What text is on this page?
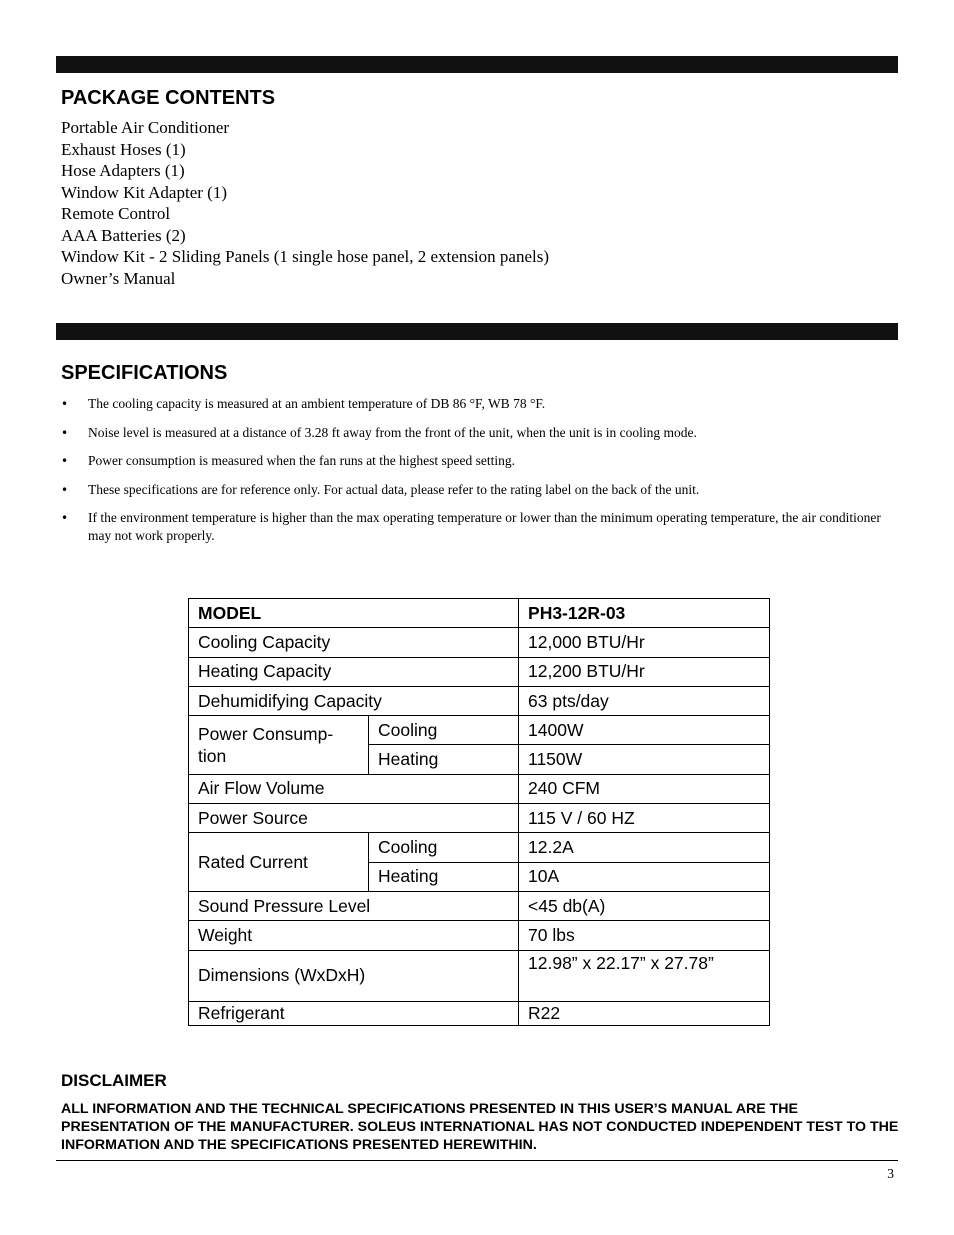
PACKAGE CONTENTS
Portable Air Conditioner
Exhaust Hoses (1)
Hose Adapters (1)
Window Kit Adapter (1)
Remote Control
AAA Batteries (2)
Window Kit - 2 Sliding Panels (1 single hose panel, 2 extension panels)
Owner’s Manual
SPECIFICATIONS
• The cooling capacity is measured at an ambient temperature of DB 86 °F, WB 78 °F.
• Noise level is measured at a distance of 3.28 ft away from the front of the unit, when the unit is in cooling mode.
• Power consumption is measured when the fan runs at the highest speed setting.
• These specifications are for reference only. For actual data, please refer to the rating label on the back of the unit.
• If the environment temperature is higher than the max operating temperature or lower than the minimum operating temperature, the air conditioner may not work properly.
MODEL		PH3-12R-03
Cooling Capacity		12,000 BTU/Hr
Heating Capacity		12,200 BTU/Hr
Dehumidifying Capacity		63 pts/day
Power Consump-tion	Cooling	1400W
	Heating	1150W
Air Flow Volume		240 CFM
Power Source		115 V / 60 HZ
Rated Current	Cooling	12.2A
	Heating	10A
Sound Pressure Level		<45 db(A)
Weight		70 lbs
Dimensions (WxDxH)		12.98” x 22.17” x 27.78”
Refrigerant		R22
DISCLAIMER

ALL INFORMATION AND THE TECHNICAL SPECIFICATIONS PRESENTED IN THIS USER’S MANUAL ARE THE PRESENTATION OF THE MANUFACTURER. SOLEUS INTERNATIONAL HAS NOT CONDUCTED INDEPENDENT TEST TO THE INFORMATION AND THE SPECIFICATIONS PRESENTED HEREWITHIN.

3
